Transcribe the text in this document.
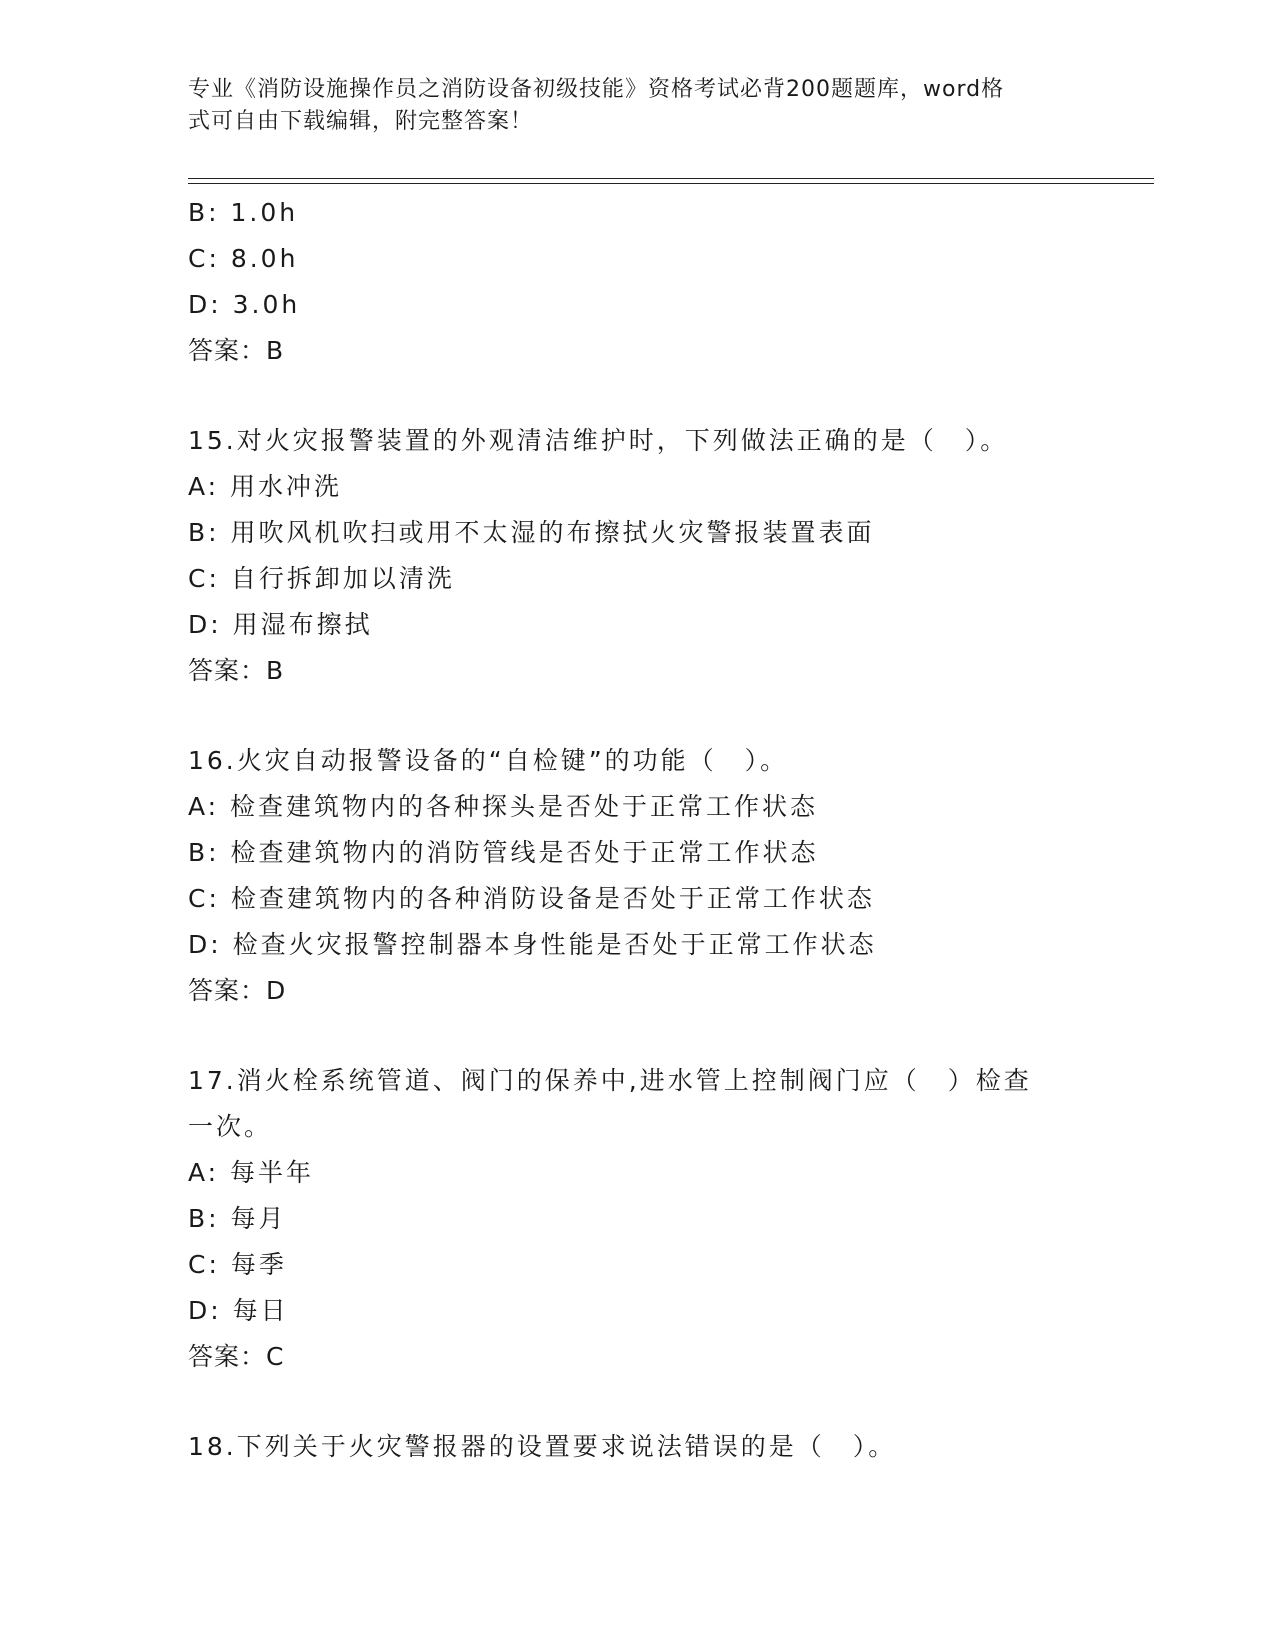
专业《消防设施操作员之消防设备初级技能》资格考试必背200题题库，word格
式可自由下载编辑，附完整答案！
B: 1.0h
C: 8.0h
D: 3.0h
答案：B
15.对火灾报警装置的外观清洁维护时，下列做法正确的是（　）。
A: 用水冲洗
B: 用吹风机吹扫或用不太湿的布擦拭火灾警报装置表面
C: 自行拆卸加以清洗
D: 用湿布擦拭
答案：B
16.火灾自动报警设备的“自检键”的功能（　）。
A: 检查建筑物内的各种探头是否处于正常工作状态
B: 检查建筑物内的消防管线是否处于正常工作状态
C: 检查建筑物内的各种消防设备是否处于正常工作状态
D: 检查火灾报警控制器本身性能是否处于正常工作状态
答案：D
17.消火栓系统管道、阀门的保养中,进水管上控制阀门应（　）检查
一次。
A: 每半年
B: 每月
C: 每季
D: 每日
答案：C
18.下列关于火灾警报器的设置要求说法错误的是（　）。
